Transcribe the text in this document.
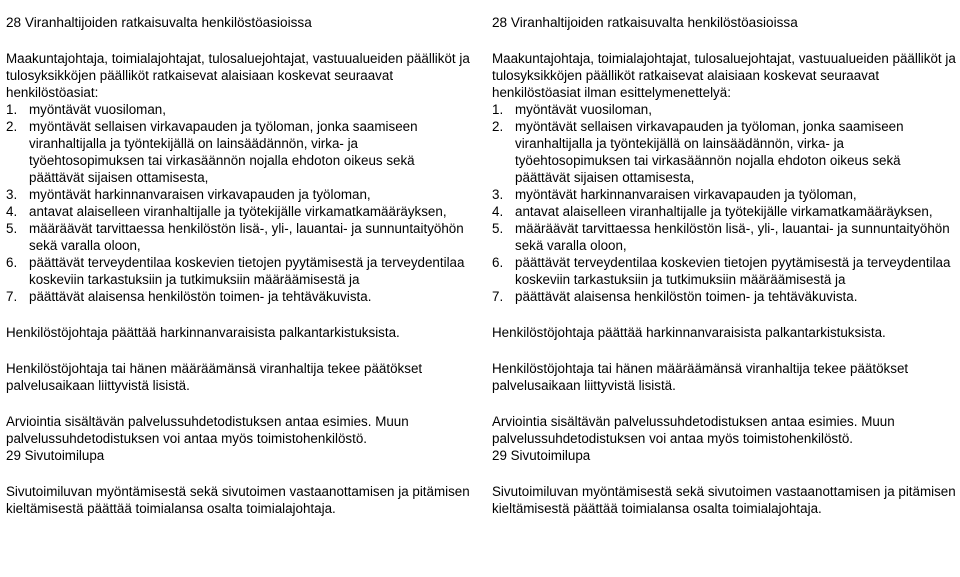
28 Viranhaltijoiden ratkaisuvalta henkilöstöasioissa

Maakuntajohtaja, toimialajohtajat, tulosaluejohtajat, vastuualueiden päälliköt ja tulosyksikköjen päälliköt ratkaisevat alaisiaan koskevat seuraavat henkilöstöasiat:

1. myöntävät vuosiloman,
2. myöntävät sellaisen virkavapauden ja työloman, jonka saamiseen viranhaltijalla ja työntekijällä on lainsäädännön, virka- ja työehtosopimuksen tai virkasäännön nojalla ehdoton oikeus sekä päättävät sijaisen ottamisesta,
3. myöntävät harkinnanvaraisen virkavapauden ja työloman,
4. antavat alaiselleen viranhaltijalle ja työtekijälle virkamatkamääräyksen,
5. määräävät tarvittaessa henkilöstön lisä-, yli-, lauantai- ja sunnuntaityöhön sekä varalla oloon,
6. päättävät terveydentilaa koskevien tietojen pyytämisestä ja terveydentilaa koskeviin tarkastuksiin ja tutkimuksiin määräämisestä ja
7. päättävät alaisensa henkilöstön toimen- ja tehtäväkuvista.

Henkilöstöjohtaja päättää harkinnanvaraisista palkantarkistuksista.

Henkilöstöjohtaja tai hänen määräämänsä viranhaltija tekee päätökset palvelusaikaan liittyvistä lisistä.

Arviointia sisältävän palvelussuhdetodistuksen antaa esimies. Muun palvelussuhdetodistuksen voi antaa myös toimistohenkilöstö.

29 Sivutoimilupa

Sivutoimiluvan myöntämisestä sekä sivutoimen vastaanottamisen ja pitämisen kieltämisestä päättää toimialansa osalta toimialajohtaja.

28 Viranhaltijoiden ratkaisuvalta henkilöstöasioissa

Maakuntajohtaja, toimialajohtajat, tulosaluejohtajat, vastuualueiden päälliköt ja tulosyksikköjen päälliköt ratkaisevat alaisiaan koskevat seuraavat henkilöstöasiat ilman esittelymenettelyä:

1. myöntävät vuosiloman,
2. myöntävät sellaisen virkavapauden ja työloman, jonka saamiseen viranhaltijalla ja työntekijällä on lainsäädännön, virka- ja työehtosopimuksen tai virkasäännön nojalla ehdoton oikeus sekä päättävät sijaisen ottamisesta,
3. myöntävät harkinnanvaraisen virkavapauden ja työloman,
4. antavat alaiselleen viranhaltijalle ja työtekijälle virkamatkamääräyksen,
5. määräävät tarvittaessa henkilöstön lisä-, yli-, lauantai- ja sunnuntaityöhön sekä varalla oloon,
6. päättävät terveydentilaa koskevien tietojen pyytämisestä ja terveydentilaa koskeviin tarkastuksiin ja tutkimuksiin määräämisestä ja
7. päättävät alaisensa henkilöstön toimen- ja tehtäväkuvista.

Henkilöstöjohtaja päättää harkinnanvaraisista palkantarkistuksista.

Henkilöstöjohtaja tai hänen määräämänsä viranhaltija tekee päätökset palvelusaikaan liittyvistä lisistä.

Arviointia sisältävän palvelussuhdetodistuksen antaa esimies. Muun palvelussuhdetodistuksen voi antaa myös toimistohenkilöstö.

29 Sivutoimilupa

Sivutoimiluvan myöntämisestä sekä sivutoimen vastaanottamisen ja pitämisen kieltämisestä päättää toimialansa osalta toimialajohtaja.
